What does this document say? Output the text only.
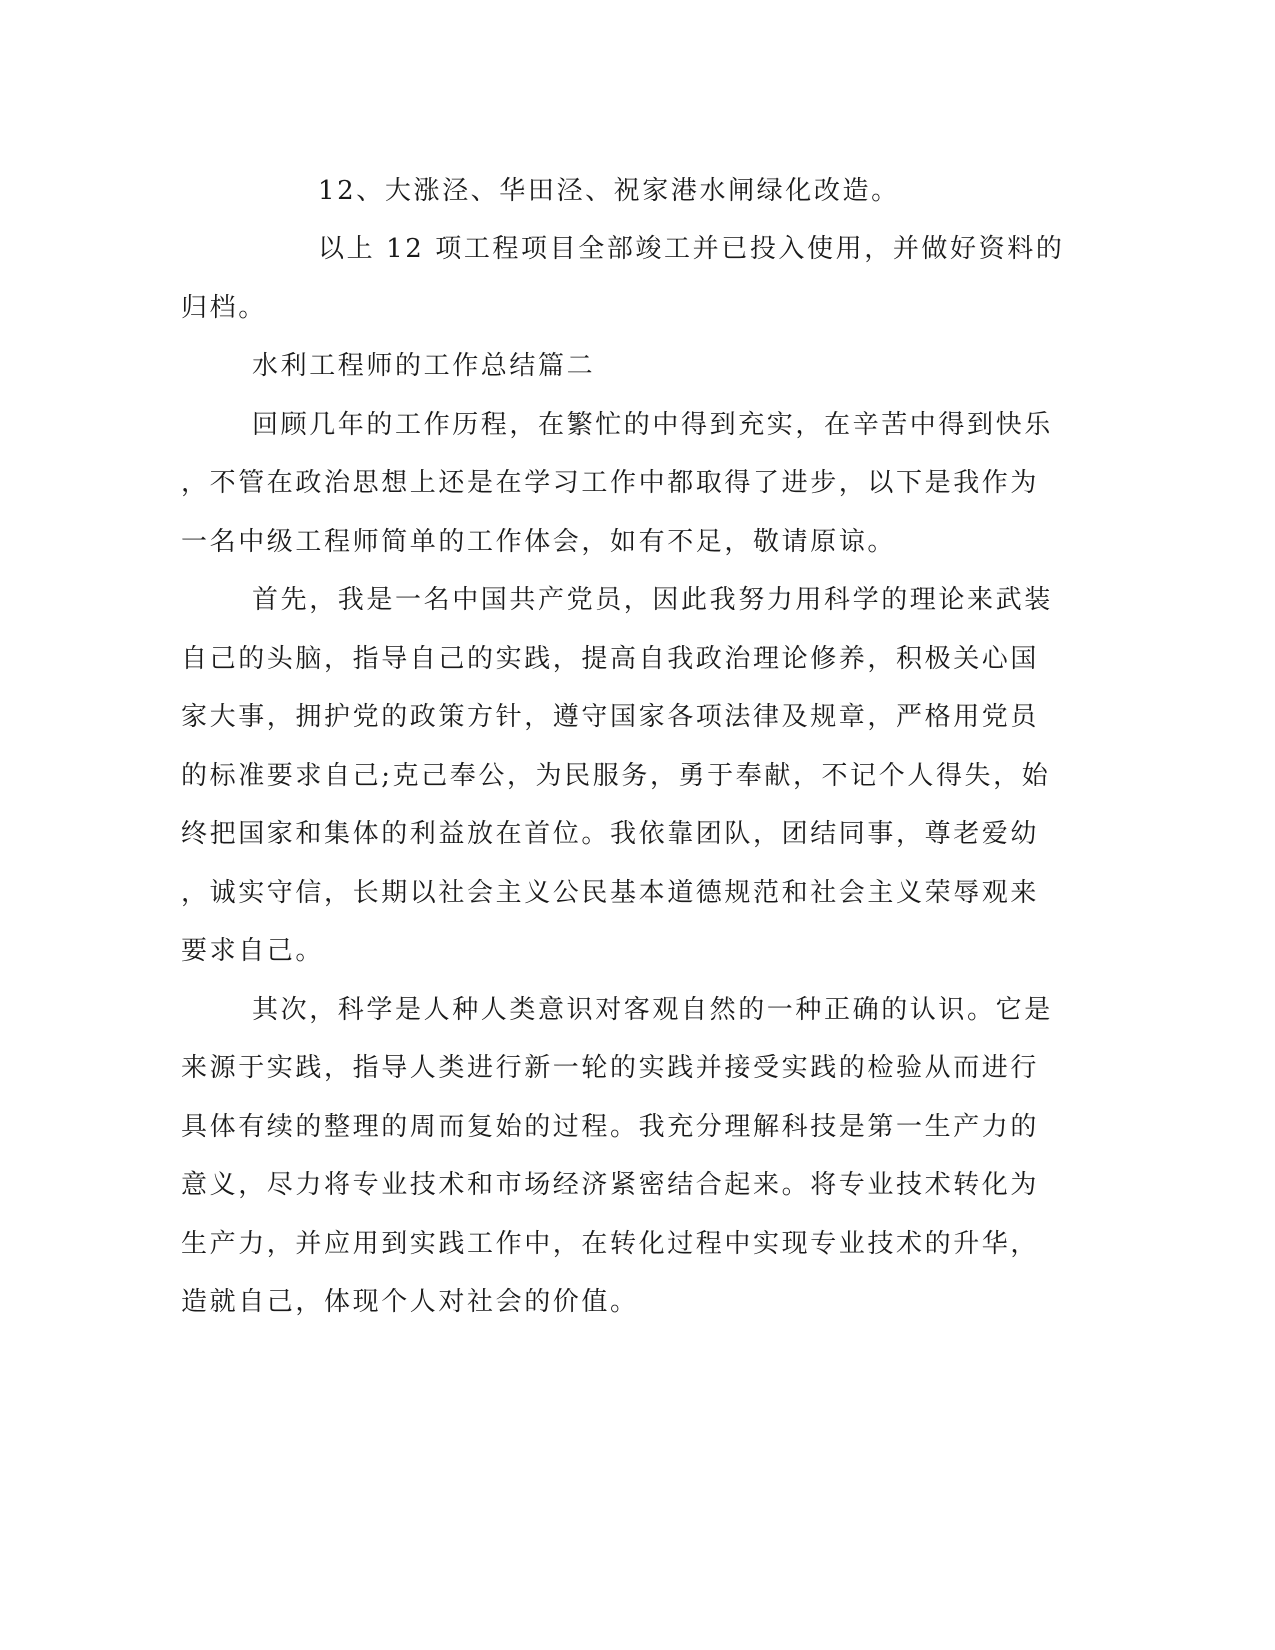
12、大涨泾、华田泾、祝家港水闸绿化改造。

以上 12 项工程项目全部竣工并已投入使用，并做好资料的

归档。

水利工程师的工作总结篇二

回顾几年的工作历程，在繁忙的中得到充实，在辛苦中得到快乐

，不管在政治思想上还是在学习工作中都取得了进步，以下是我作为

一名中级工程师简单的工作体会，如有不足，敬请原谅。

首先，我是一名中国共产党员，因此我努力用科学的理论来武装

自己的头脑，指导自己的实践，提高自我政治理论修养，积极关心国

家大事，拥护党的政策方针，遵守国家各项法律及规章，严格用党员

的标准要求自己;克己奉公，为民服务，勇于奉献，不记个人得失，始

终把国家和集体的利益放在首位。我依靠团队，团结同事，尊老爱幼

，诚实守信，长期以社会主义公民基本道德规范和社会主义荣辱观来

要求自己。

其次，科学是人种人类意识对客观自然的一种正确的认识。它是

来源于实践，指导人类进行新一轮的实践并接受实践的检验从而进行

具体有续的整理的周而复始的过程。我充分理解科技是第一生产力的

意义，尽力将专业技术和市场经济紧密结合起来。将专业技术转化为

生产力，并应用到实践工作中，在转化过程中实现专业技术的升华，

造就自己，体现个人对社会的价值。
